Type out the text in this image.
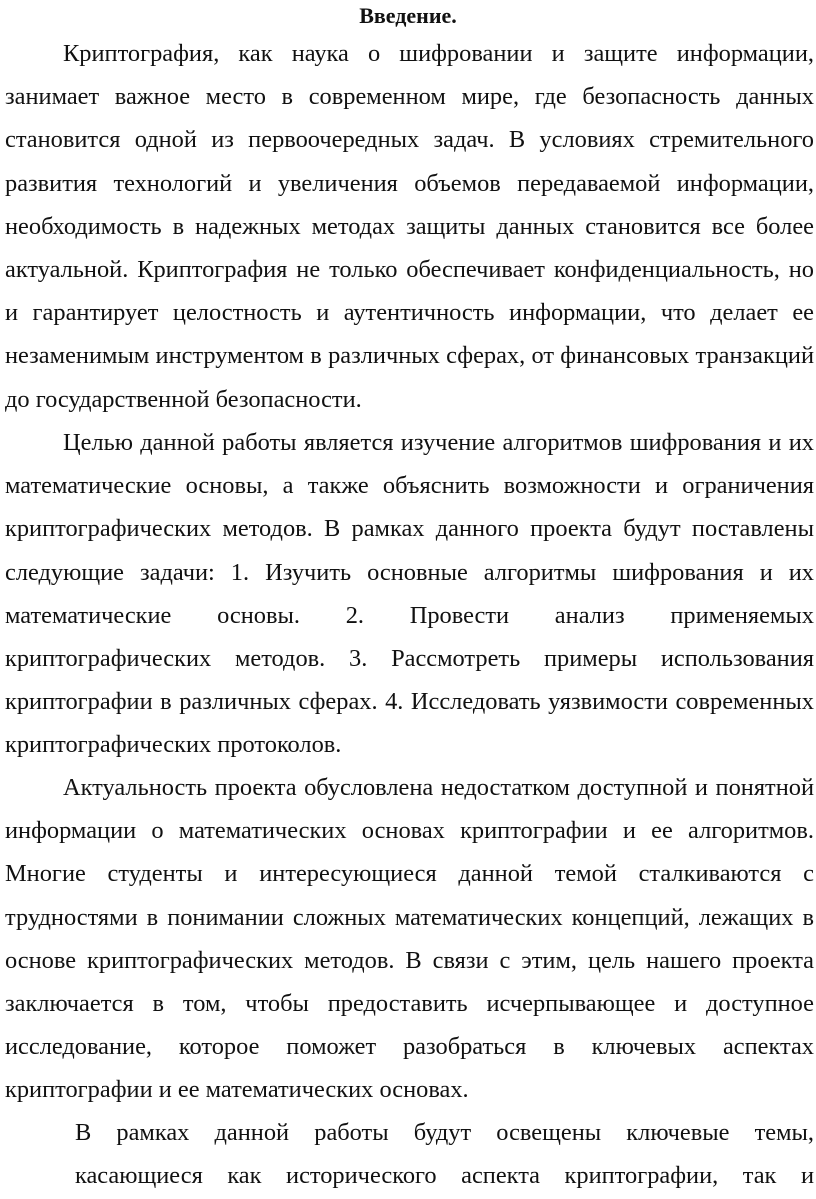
Введение.

Криптография, как наука о шифровании и защите информации, занимает важное место в современном мире, где безопасность данных становится одной из первоочередных задач. В условиях стремительного развития технологий и увеличения объемов передаваемой информации, необходимость в надежных методах защиты данных становится все более актуальной. Криптография не только обеспечивает конфиденциальность, но и гарантирует целостность и аутентичность информации, что делает ее незаменимым инструментом в различных сферах, от финансовых транзакций до государственной безопасности.

Целью данной работы является изучение алгоритмов шифрования и их математические основы, а также объяснить возможности и ограничения криптографических методов. В рамках данного проекта будут поставлены следующие задачи: 1. Изучить основные алгоритмы шифрования и их математические основы. 2. Провести анализ применяемых криптографических методов. 3. Рассмотреть примеры использования криптографии в различных сферах. 4. Исследовать уязвимости современных криптографических протоколов.

Актуальность проекта обусловлена недостатком доступной и понятной информации о математических основах криптографии и ее алгоритмов. Многие студенты и интересующиеся данной темой сталкиваются с трудностями в понимании сложных математических концепций, лежащих в основе криптографических методов. В связи с этим, цель нашего проекта заключается в том, чтобы предоставить исчерпывающее и доступное исследование, которое поможет разобраться в ключевых аспектах криптографии и ее математических основах.

В рамках данной работы будут освещены ключевые темы, касающиеся как исторического аспекта криптографии, так и
